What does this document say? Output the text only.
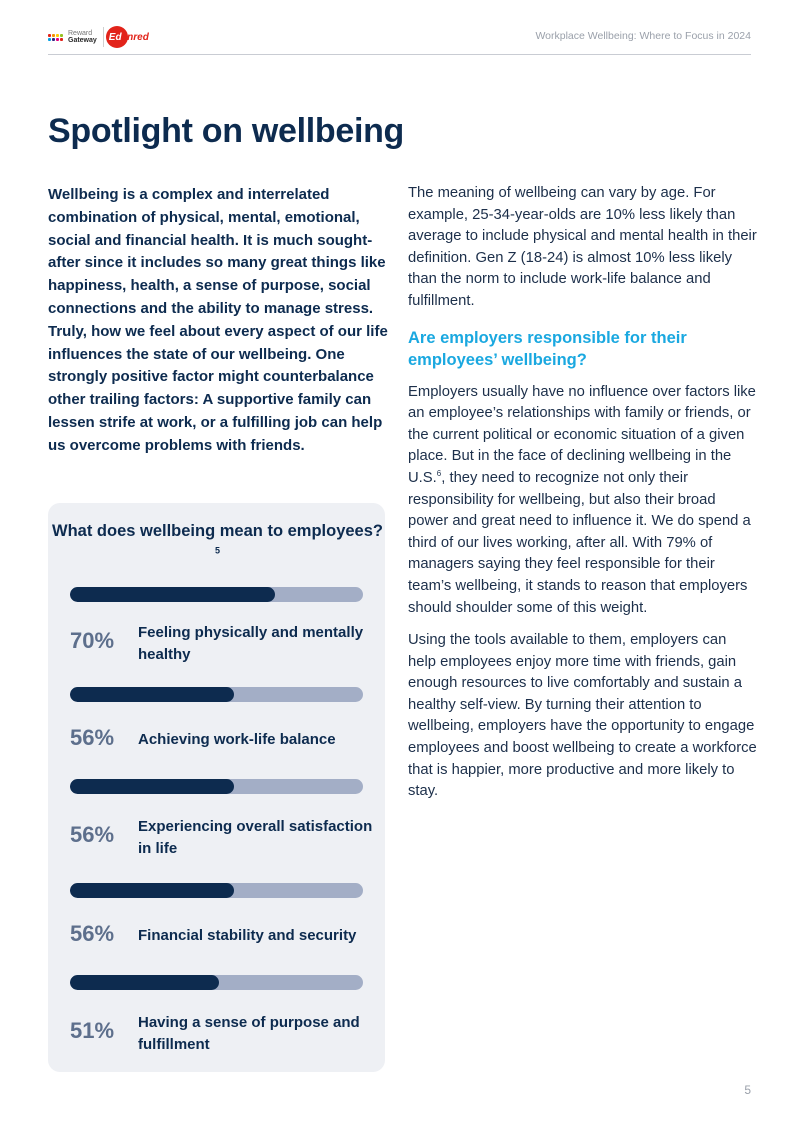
Reward
Gateway Edenred	Workplace Wellbeing: Where to Focus in 2024
Spotlight on wellbeing

Wellbeing is a complex and interrelated combination of physical, mental, emotional, social and financial health. It is much sought-after since it includes so many great things like happiness, health, a sense of purpose, social connections and the ability to manage stress. Truly, how we feel about every aspect of our life influences the state of our wellbeing. One strongly positive factor might counterbalance other trailing factors: A supportive family can lessen strife at work, or a fulfilling job can help us overcome problems with friends.

The meaning of wellbeing can vary by age. For example, 25-34-year-olds are 10% less likely than average to include physical and mental health in their definition. Gen Z (18-24) is almost 10% less likely than the norm to include work-life balance and fulfillment.

Are employers responsible for their employees’ wellbeing?

Employers usually have no influence over factors like an employee’s relationships with family or friends, or the current political or economic situation of a given place. But in the face of declining wellbeing in the U.S.$^6$, they need to recognize not only their responsibility for wellbeing, but also their broad power and great need to influence it. We do spend a third of our lives working, after all. With 79% of managers saying they feel responsible for their team’s wellbeing, it stands to reason that employers should shoulder some of this weight.

Using the tools available to them, employers can help employees enjoy more time with friends, gain enough resources to live comfortably and sustain a healthy self-view. By turning their attention to wellbeing, employers have the opportunity to engage employees and boost wellbeing to create a workforce that is happier, more productive and more likely to stay.

What does wellbeing mean to employees?$^5$
70% Feeling physically and mentally healthy
56% Achieving work-life balance
56% Experiencing overall satisfaction in life
56% Financial stability and security
51% Having a sense of purpose and fulfillment
5
